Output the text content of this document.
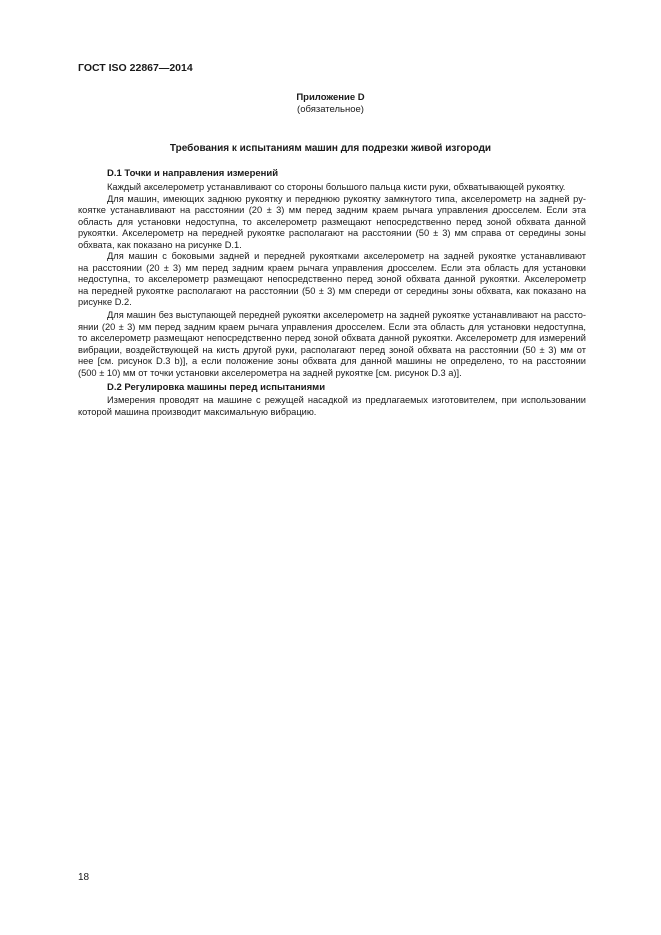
ГОСТ ISO 22867—2014
Приложение D
(обязательное)
Требования к испытаниям машин для подрезки живой изгороди
D.1 Точки и направления измерений
D.2 Регулировка машины перед испытаниями
Каждый акселерометр устанавливают со стороны большого пальца кисти руки, обхватывающей рукоятку.
Для машин, имеющих заднюю рукоятку и переднюю рукоятку замкнутого типа, акселерометр на задней ру-
коятке устанавливают на расстоянии (20 ± 3) мм перед задним краем рычага управления дросселем. Если эта
область для установки недоступна, то акселерометр размещают непосредственно перед зоной обхвата данной
рукоятки. Акселерометр на передней рукоятке располагают на расстоянии (50 ± 3) мм справа от середины зоны
обхвата, как показано на рисунке D.1.
Для машин с боковыми задней и передней рукоятками акселерометр на задней рукоятке устанавливают
на расстоянии (20 ± 3) мм перед задним краем рычага управления дросселем. Если эта область для установки
недоступна, то акселерометр размещают непосредственно перед зоной обхвата данной рукоятки. Акселерометр
на передней рукоятке располагают на расстоянии (50 ± 3) мм спереди от середины зоны обхвата, как показано на
рисунке D.2.
Для машин без выступающей передней рукоятки акселерометр на задней рукоятке устанавливают на рассто-
янии (20 ± 3) мм перед задним краем рычага управления дросселем. Если эта область для установки недоступна,
то акселерометр размещают непосредственно перед зоной обхвата данной рукоятки. Акселерометр для измерений
вибрации, воздействующей на кисть другой руки, располагают перед зоной обхвата на расстоянии (50 ± 3) мм от
нее [см. рисунок D.3 b)], а если положение зоны обхвата для данной машины не определено, то на расстоянии
(500 ± 10) мм от точки установки акселерометра на задней рукоятке [см. рисунок D.3 а)].
Измерения проводят на машине с режущей насадкой из предлагаемых изготовителем, при использовании
которой машина производит максимальную вибрацию.
18
